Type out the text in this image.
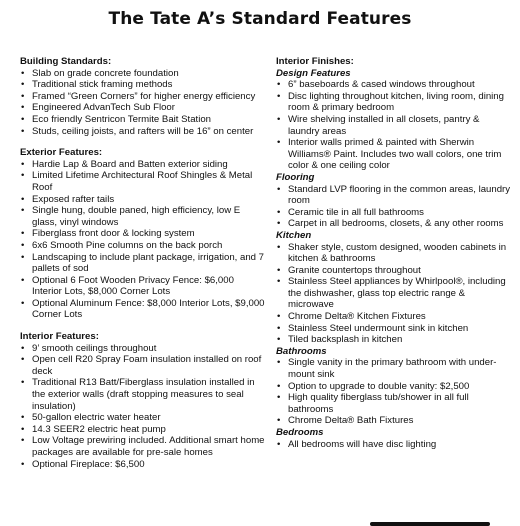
The Tate A’s Standard Features
Building Standards:
• Slab on grade concrete foundation
• Traditional stick framing methods
• Framed “Green Corners” for higher energy efficiency
• Engineered AdvanTech Sub Floor
• Eco friendly Sentricon Termite Bait Station
• Studs, ceiling joists, and rafters will be 16” on center
Exterior Features:
• Hardie Lap & Board and Batten exterior siding
• Limited Lifetime Architectural Roof Shingles & Metal Roof
• Exposed rafter tails
• Single hung, double paned, high efficiency, low E glass, vinyl windows
• Fiberglass front door & locking system
• 6x6 Smooth Pine columns on the back porch
• Landscaping to include plant package, irrigation, and 7 pallets of sod
• Optional 6 Foot Wooden Privacy Fence: $6,000 Interior Lots, $8,000 Corner Lots
• Optional Aluminum Fence: $8,000 Interior Lots, $9,000 Corner Lots
Interior Features:
• 9’ smooth ceilings throughout
• Open cell R20 Spray Foam insulation installed on roof deck
• Traditional R13 Batt/Fiberglass insulation installed in the exterior walls (draft stopping measures to seal insulation)
• 50-gallon electric water heater
• 14.3 SEER2 electric heat pump
• Low Voltage prewiring included. Additional smart home packages are available for pre-sale homes
• Optional Fireplace: $6,500
Interior Finishes:
Design Features
• 6” baseboards & cased windows throughout
• Disc lighting throughout kitchen, living room, dining room & primary bedroom
• Wire shelving installed in all closets, pantry & laundry areas
• Interior walls primed & painted with Sherwin Williams® Paint. Includes two wall colors, one trim color & one ceiling color
Flooring
• Standard LVP flooring in the common areas, laundry room
• Ceramic tile in all full bathrooms
• Carpet in all bedrooms, closets, & any other rooms
Kitchen
• Shaker style, custom designed, wooden cabinets in kitchen & bathrooms
• Granite countertops throughout
• Stainless Steel appliances by Whirlpool®, including the dishwasher, glass top electric range & microwave
• Chrome Delta® Kitchen Fixtures
• Stainless Steel undermount sink in kitchen
• Tiled backsplash in kitchen
Bathrooms
• Single vanity in the primary bathroom with under-mount sink
• Option to upgrade to double vanity: $2,500
• High quality fiberglass tub/shower in all full bathrooms
• Chrome Delta® Bath Fixtures
Bedrooms
• All bedrooms will have disc lighting
